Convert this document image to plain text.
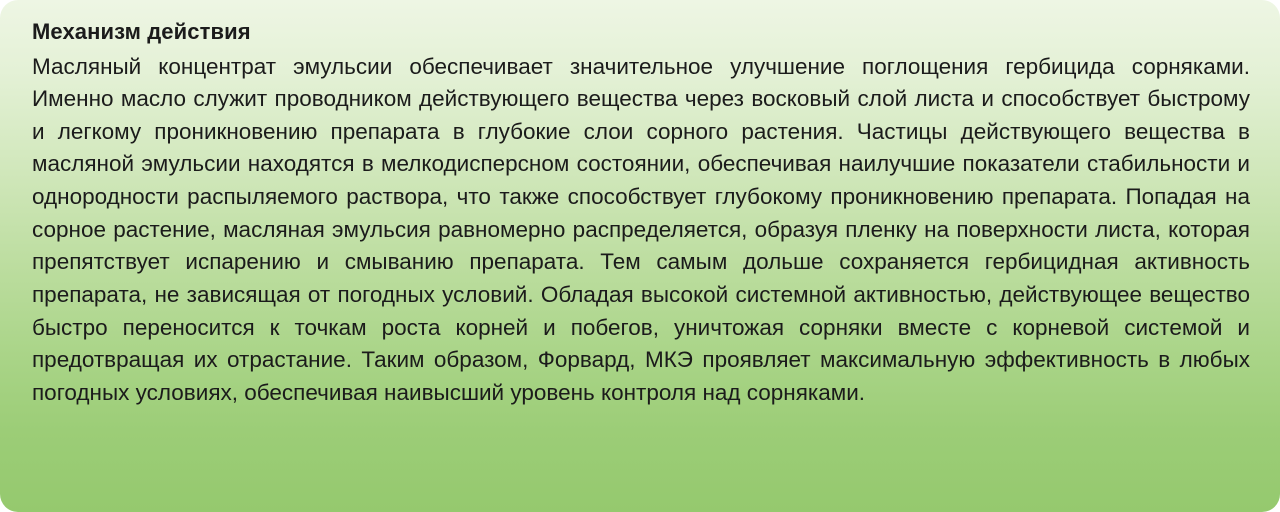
Механизм действия
Масляный концентрат эмульсии обеспечивает значительное улучшение поглощения гербицида сорняками. Именно масло служит проводником действующего вещества через восковый слой листа и способствует быстрому и легкому проникновению препарата в глубокие слои сорного растения. Частицы действующего вещества в масляной эмульсии находятся в мелкодисперсном состоянии, обеспечивая наилучшие показатели стабильности и однородности распыляемого раствора, что также способствует глубокому проникновению препарата. Попадая на сорное растение, масляная эмульсия равномерно распределяется, образуя пленку на поверхности листа, которая препятствует испарению и смыванию препарата. Тем самым дольше сохраняется гербицидная активность препарата, не зависящая от погодных условий. Обладая высокой системной активностью, действующее вещество быстро переносится к точкам роста корней и побегов, уничтожая сорняки вместе с корневой системой и предотвращая их отрастание. Таким образом, Форвард, МКЭ проявляет максимальную эффективность в любых погодных условиях, обеспечивая наивысший уровень контроля над сорняками.
